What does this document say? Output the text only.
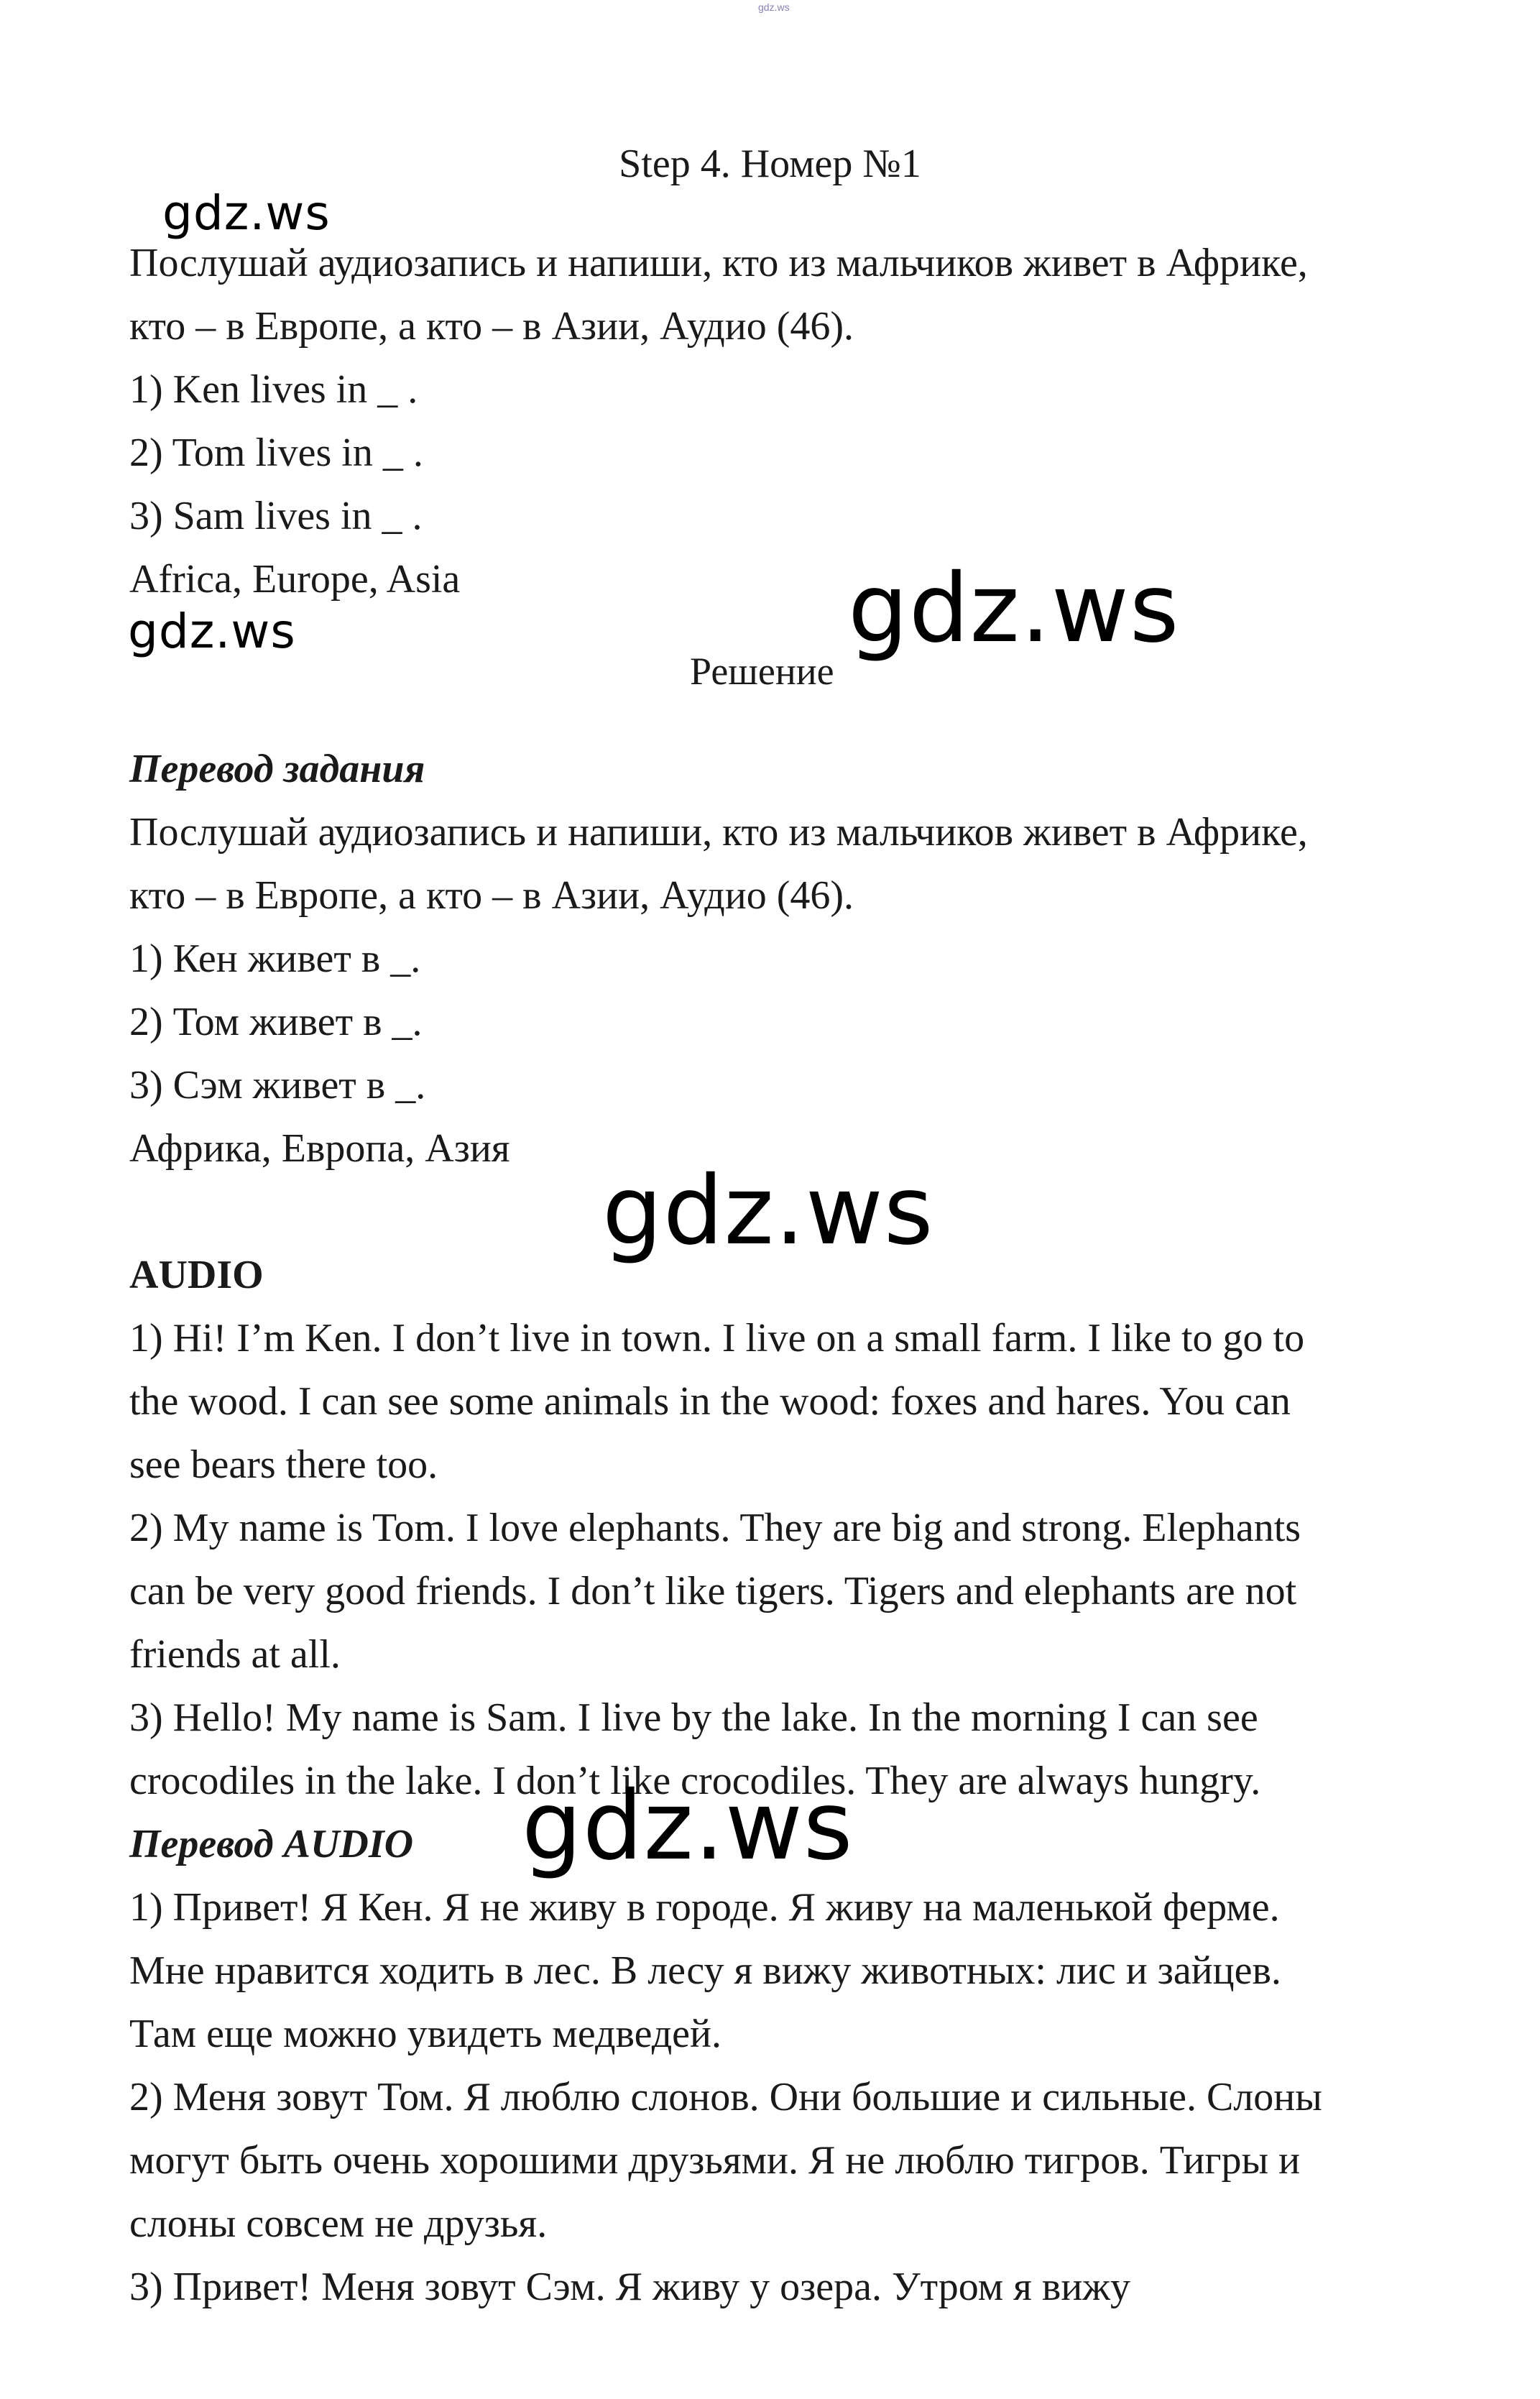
gdz.ws
Step 4. Номер №1
Послушай аудиозапись и напиши, кто из мальчиков живет в Африке,
кто – в Европе, а кто – в Азии, Аудио (46).
1) Ken lives in _ .
2) Tom lives in _ .
3) Sam lives in _ .
Africa, Europe, Asia
Решение
Перевод задания
Послушай аудиозапись и напиши, кто из мальчиков живет в Африке,
кто – в Европе, а кто – в Азии, Аудио (46).
1) Кен живет в _.
2) Том живет в _.
3) Сэм живет в _.
Африка, Европа, Азия
AUDIO
1) Hi! I’m Ken. I don’t live in town. I live on a small farm. I like to go to
the wood. I can see some animals in the wood: foxes and hares. You can
see bears there too.
2) My name is Tom. I love elephants. They are big and strong. Elephants
can be very good friends. I don’t like tigers. Tigers and elephants are not
friends at all.
3) Hello! My name is Sam. I live by the lake. In the morning I can see
crocodiles in the lake. I don’t like crocodiles. They are always hungry.
Перевод AUDIO
1) Привет! Я Кен. Я не живу в городе. Я живу на маленькой ферме.
Мне нравится ходить в лес. В лесу я вижу животных: лис и зайцев.
Там еще можно увидеть медведей.
2) Меня зовут Том. Я люблю слонов. Они большие и сильные. Слоны
могут быть очень хорошими друзьями. Я не люблю тигров. Тигры и
слоны совсем не друзья.
3) Привет! Меня зовут Сэм. Я живу у озера. Утром я вижу
gdz.ws
gdz.ws	gdz.ws
gdz.ws
gdz.ws
